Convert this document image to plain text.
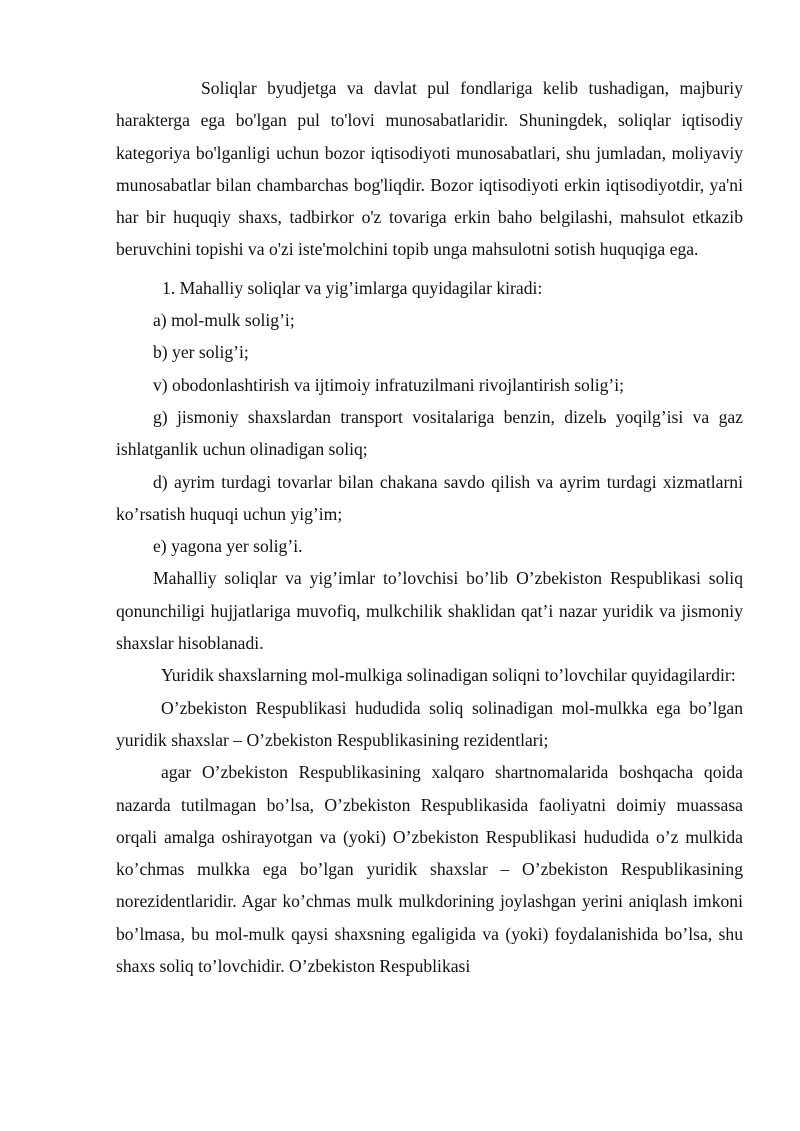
Soliqlar byudjetga va davlat pul fondlariga kelib tushadigan, majburiy harakterga ega bo'lgan pul to'lovi munosabatlaridir. Shuningdek, soliqlar iqtisodiy kategoriya bo'lganligi uchun bozor iqtisodiyoti munosabatlari, shu jumladan, moliyaviy munosabatlar bilan chambarchas bog'liqdir. Bozor iqtisodiyoti erkin iqtisodiyotdir, ya'ni har bir huquqiy shaxs, tadbirkor o'z tovariga erkin baho belgilashi, mahsulot etkazib beruvchini topishi va o'zi iste'molchini topib unga mahsulotni sotish huquqiga ega.

1. Mahalliy soliqlar va yig’imlarga quyidagilar kiradi:

a) mol-mulk solig’i;

b) yer solig’i;

v) obodonlashtirish va ijtimoiy infratuzilmani rivojlantirish solig’i;

g) jismoniy shaxslardan transport vositalariga benzin, dizelь yoqilg’isi va gaz ishlatganlik uchun olinadigan soliq;

d) ayrim turdagi tovarlar bilan chakana savdo qilish va ayrim turdagi xizmatlarni ko’rsatish huquqi uchun yig’im;

e) yagona yer solig’i.

Mahalliy soliqlar va yig’imlar to’lovchisi bo’lib O’zbekiston Respublikasi soliq qonunchiligi hujjatlariga muvofiq, mulkchilik shaklidan qat’i nazar yuridik va jismoniy shaxslar hisoblanadi.

Yuridik shaxslarning mol-mulkiga solinadigan soliqni to’lovchilar quyidagilardir:

O’zbekiston Respublikasi hududida soliq solinadigan mol-mulkka ega bo’lgan yuridik shaxslar – O’zbekiston Respublikasining rezidentlari;

agar O’zbekiston Respublikasining xalqaro shartnomalarida boshqacha qoida nazarda tutilmagan bo’lsa, O’zbekiston Respublikasida faoliyatni doimiy muassasa orqali amalga oshirayotgan va (yoki) O’zbekiston Respublikasi hududida o’z mulkida ko’chmas mulkka ega bo’lgan yuridik shaxslar – O’zbekiston Respublikasining norezidentlaridir. Agar ko’chmas mulk mulkdorining joylashgan yerini aniqlash imkoni bo’lmasa, bu mol-mulk qaysi shaxsning egaligida va (yoki) foydalanishida bo’lsa, shu shaxs soliq to’lovchidir. O’zbekiston Respublikasi
